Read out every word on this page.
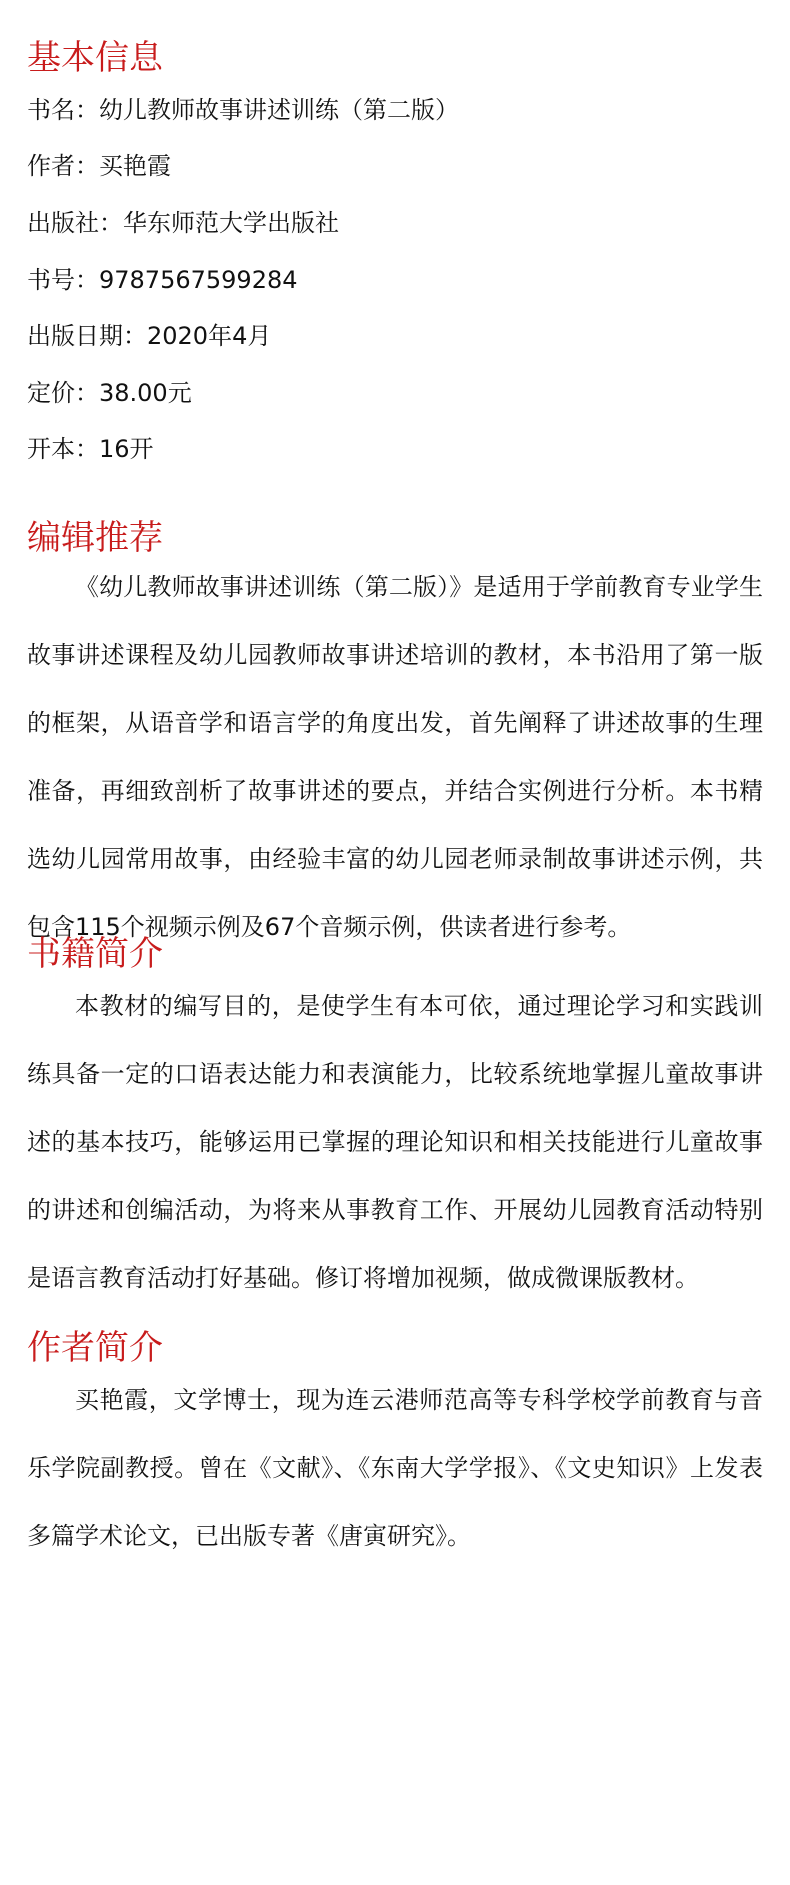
基本信息

书名：幼儿教师故事讲述训练（第二版）

作者：买艳霞

出版社：华东师范大学出版社

书号：9787567599284

出版日期：2020年4月

定价：38.00元

开本：16开

编辑推荐

《幼儿教师故事讲述训练（第二版）》是适用于学前教育专业学生故事讲述课程及幼儿园教师故事讲述培训的教材，本书沿用了第一版的框架，从语音学和语言学的角度出发，首先阐释了讲述故事的生理准备，再细致剖析了故事讲述的要点，并结合实例进行分析。本书精选幼儿园常用故事，由经验丰富的幼儿园老师录制故事讲述示例，共包含115个视频示例及67个音频示例，供读者进行参考。

书籍简介

本教材的编写目的，是使学生有本可依，通过理论学习和实践训练具备一定的口语表达能力和表演能力，比较系统地掌握儿童故事讲述的基本技巧，能够运用已掌握的理论知识和相关技能进行儿童故事的讲述和创编活动，为将来从事教育工作、开展幼儿园教育活动特别是语言教育活动打好基础。修订将增加视频，做成微课版教材。

作者简介

买艳霞，文学博士，现为连云港师范高等专科学校学前教育与音乐学院副教授。曾在《文献》、《东南大学学报》、《文史知识》上发表多篇学术论文，已出版专著《唐寅研究》。
